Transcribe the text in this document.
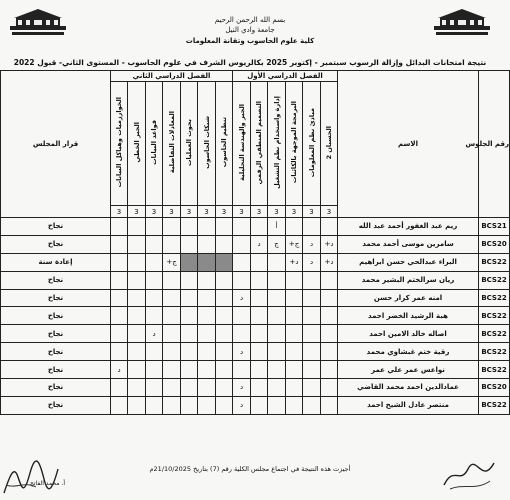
بسم الله الرحمن الرحيم
جامعة وادي النيل
كلية علوم الحاسوب وتقانة المعلومات
نتيجة امتحانات البدائل وإزالة الرسوب سبتمبر - إكتوبر 2025 بكالريوس الشرف في علوم الحاسوب - المستوى الثاني- قبول 2022
رقم الجلوس	الاسم	الفصل الدراسي الأول						الفصل الدراسي الثاني							قرار المجلس
		الحسبان 2	مبادئ نظم المعلومات	البرمجة الموجهة بالكائنات	إدارة واستخدام نظم التشغيل	التصميم المنطقي الرقمي	الجبر والهندسة التحليلية	تنظيم الحاسوب	شبكات الحاسوب	بحوث العمليات	المعادلات التفاضلية	قواعد البيانات	الجبر الخطي	الخوارزميات وهياكل البيانات	
		3	3	3	3	3	3	3	3	3	3	3	3	3	
BCS21	ريم عبد الغفور أحمد عبد الله				أ										نجاح
BCS20	سامرين موسى أحمد محمد	د+	د	ج+	ج	د									نجاح
BCS22	البراء عبدالحي حسن ابراهيم	د+	د	د+							ج+				إعادة سنة
BCS22	ريان سرالختم البشير محمد														نجاح
BCS22	امنه عمر كرار حسن						د								نجاح
BCS22	هبة الرشيد الخضر احمد														نجاح
BCS22	اصاله خالد الامين احمد											د			نجاح
BCS22	رقية ختم غبشاوي محمد						د								نجاح
BCS22	نواعس عمر علي عمر													د	نجاح
BCS20	عمادالدين احمد محمد القاضي						د								نجاح
BCS22	منتصر عادل الشيخ احمد						د								نجاح
أجيزت هذه النتيجة في اجتماع مجلس الكلية رقم (7) بتاريخ 21/10/2025م
أ. محمد الفاتح
